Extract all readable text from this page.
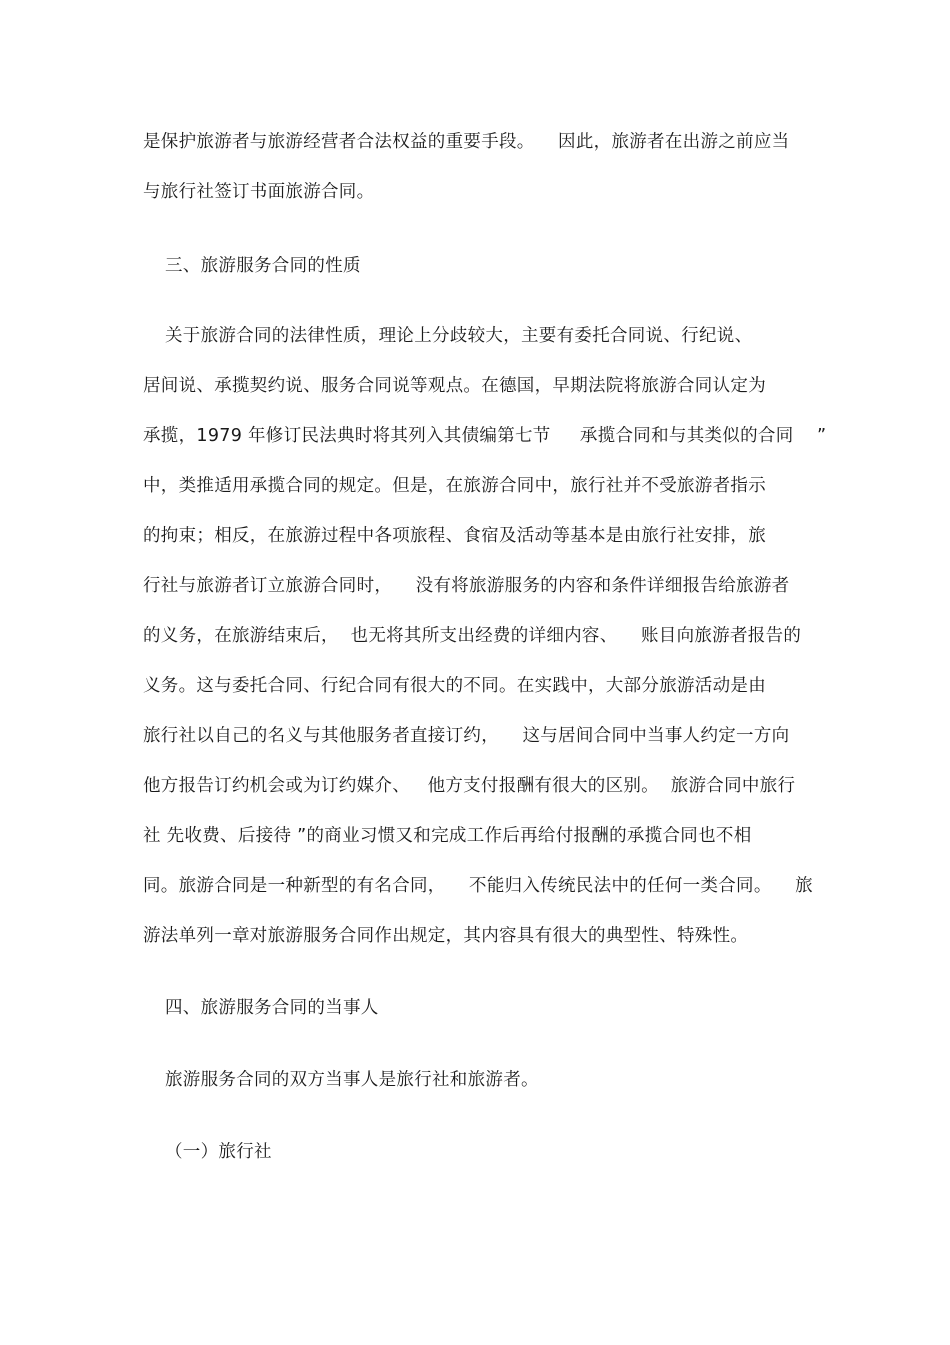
是保护旅游者与旅游经营者合法权益的重要手段。    因此，旅游者在出游之前应当
与旅行社签订书面旅游合同。
三、旅游服务合同的性质
关于旅游合同的法律性质，理论上分歧较大，主要有委托合同说、行纪说、
居间说、承揽契约说、服务合同说等观点。在德国，早期法院将旅游合同认定为
承揽，1979 年修订民法典时将其列入其债编第七节     承揽合同和与其类似的合同    ”
中，类推适用承揽合同的规定。但是，在旅游合同中，旅行社并不受旅游者指示
的拘束；相反，在旅游过程中各项旅程、食宿及活动等基本是由旅行社安排，旅
行社与旅游者订立旅游合同时，    没有将旅游服务的内容和条件详细报告给旅游者
的义务，在旅游结束后，  也无将其所支出经费的详细内容、    账目向旅游者报告的
义务。这与委托合同、行纪合同有很大的不同。在实践中，大部分旅游活动是由
旅行社以自己的名义与其他服务者直接订约，    这与居间合同中当事人约定一方向
他方报告订约机会或为订约媒介、   他方支付报酬有很大的区别。  旅游合同中旅行
社 先收费、后接待 ”的商业习惯又和完成工作后再给付报酬的承揽合同也不相
同。旅游合同是一种新型的有名合同，    不能归入传统民法中的任何一类合同。    旅
游法单列一章对旅游服务合同作出规定，其内容具有很大的典型性、特殊性。
四、旅游服务合同的当事人
旅游服务合同的双方当事人是旅行社和旅游者。
（一）旅行社
